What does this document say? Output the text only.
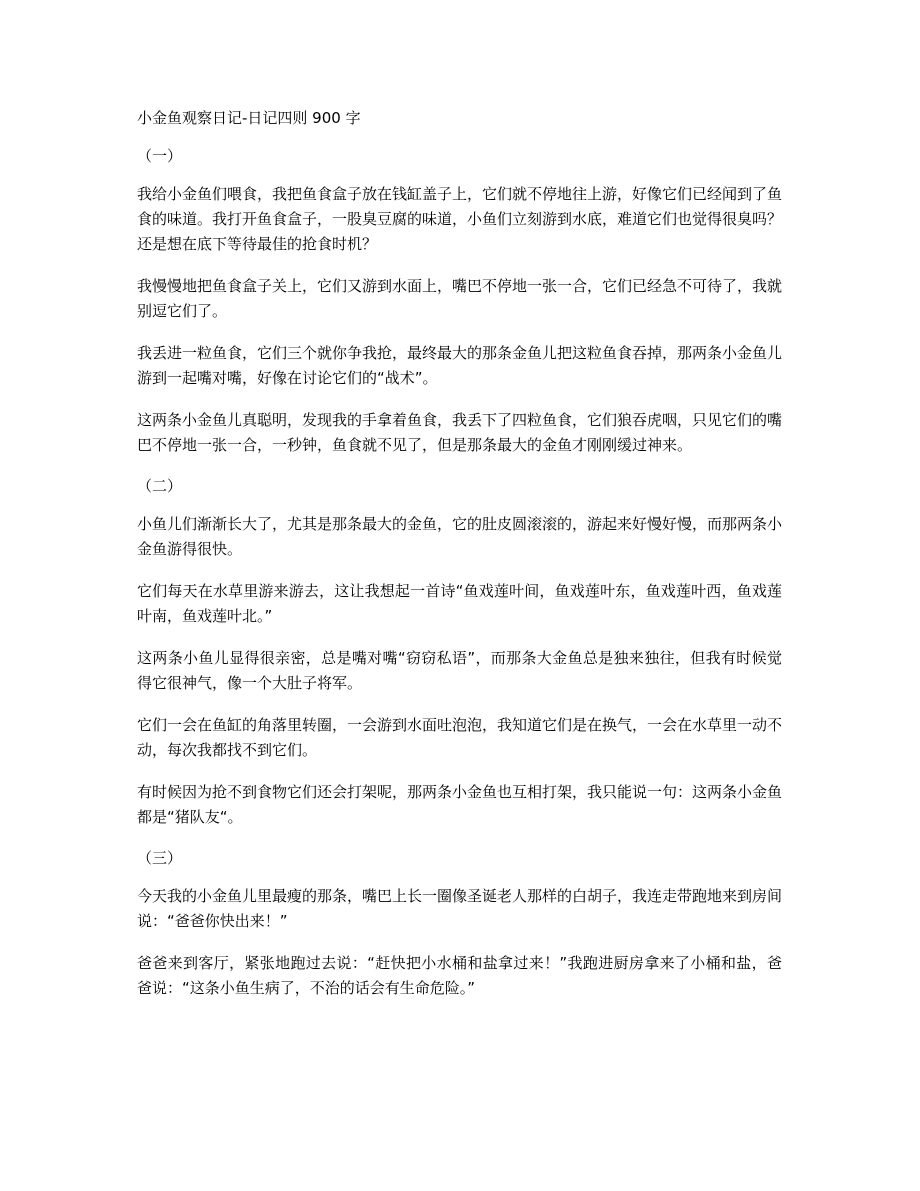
小金鱼观察日记-日记四则 900 字
（一）

我给小金鱼们喂食，我把鱼食盒子放在钱缸盖子上，它们就不停地往上游，好像它们已经闻到了鱼食的味道。我打开鱼食盒子，一股臭豆腐的味道，小鱼们立刻游到水底，难道它们也觉得很臭吗？还是想在底下等待最佳的抢食时机？

我慢慢地把鱼食盒子关上，它们又游到水面上，嘴巴不停地一张一合，它们已经急不可待了，我就别逗它们了。

我丢进一粒鱼食，它们三个就你争我抢，最终最大的那条金鱼儿把这粒鱼食吞掉，那两条小金鱼儿游到一起嘴对嘴，好像在讨论它们的“战术”。

这两条小金鱼儿真聪明，发现我的手拿着鱼食，我丢下了四粒鱼食，它们狼吞虎咽，只见它们的嘴巴不停地一张一合，一秒钟，鱼食就不见了，但是那条最大的金鱼才刚刚缓过神来。

（二）

小鱼儿们渐渐长大了，尤其是那条最大的金鱼，它的肚皮圆滚滚的，游起来好慢好慢，而那两条小金鱼游得很快。

它们每天在水草里游来游去，这让我想起一首诗“鱼戏莲叶间，鱼戏莲叶东，鱼戏莲叶西，鱼戏莲叶南，鱼戏莲叶北。”

这两条小鱼儿显得很亲密，总是嘴对嘴“窃窃私语”，而那条大金鱼总是独来独往，但我有时候觉得它很神气，像一个大肚子将军。

它们一会在鱼缸的角落里转圈，一会游到水面吐泡泡，我知道它们是在换气，一会在水草里一动不动，每次我都找不到它们。

有时候因为抢不到食物它们还会打架呢，那两条小金鱼也互相打架，我只能说一句：这两条小金鱼都是“猪队友“。

（三）

今天我的小金鱼儿里最瘦的那条，嘴巴上长一圈像圣诞老人那样的白胡子，我连走带跑地来到房间说：“爸爸你快出来！”

爸爸来到客厅，紧张地跑过去说：“赶快把小水桶和盐拿过来！”我跑进厨房拿来了小桶和盐，爸爸说：“这条小鱼生病了，不治的话会有生命危险。”
